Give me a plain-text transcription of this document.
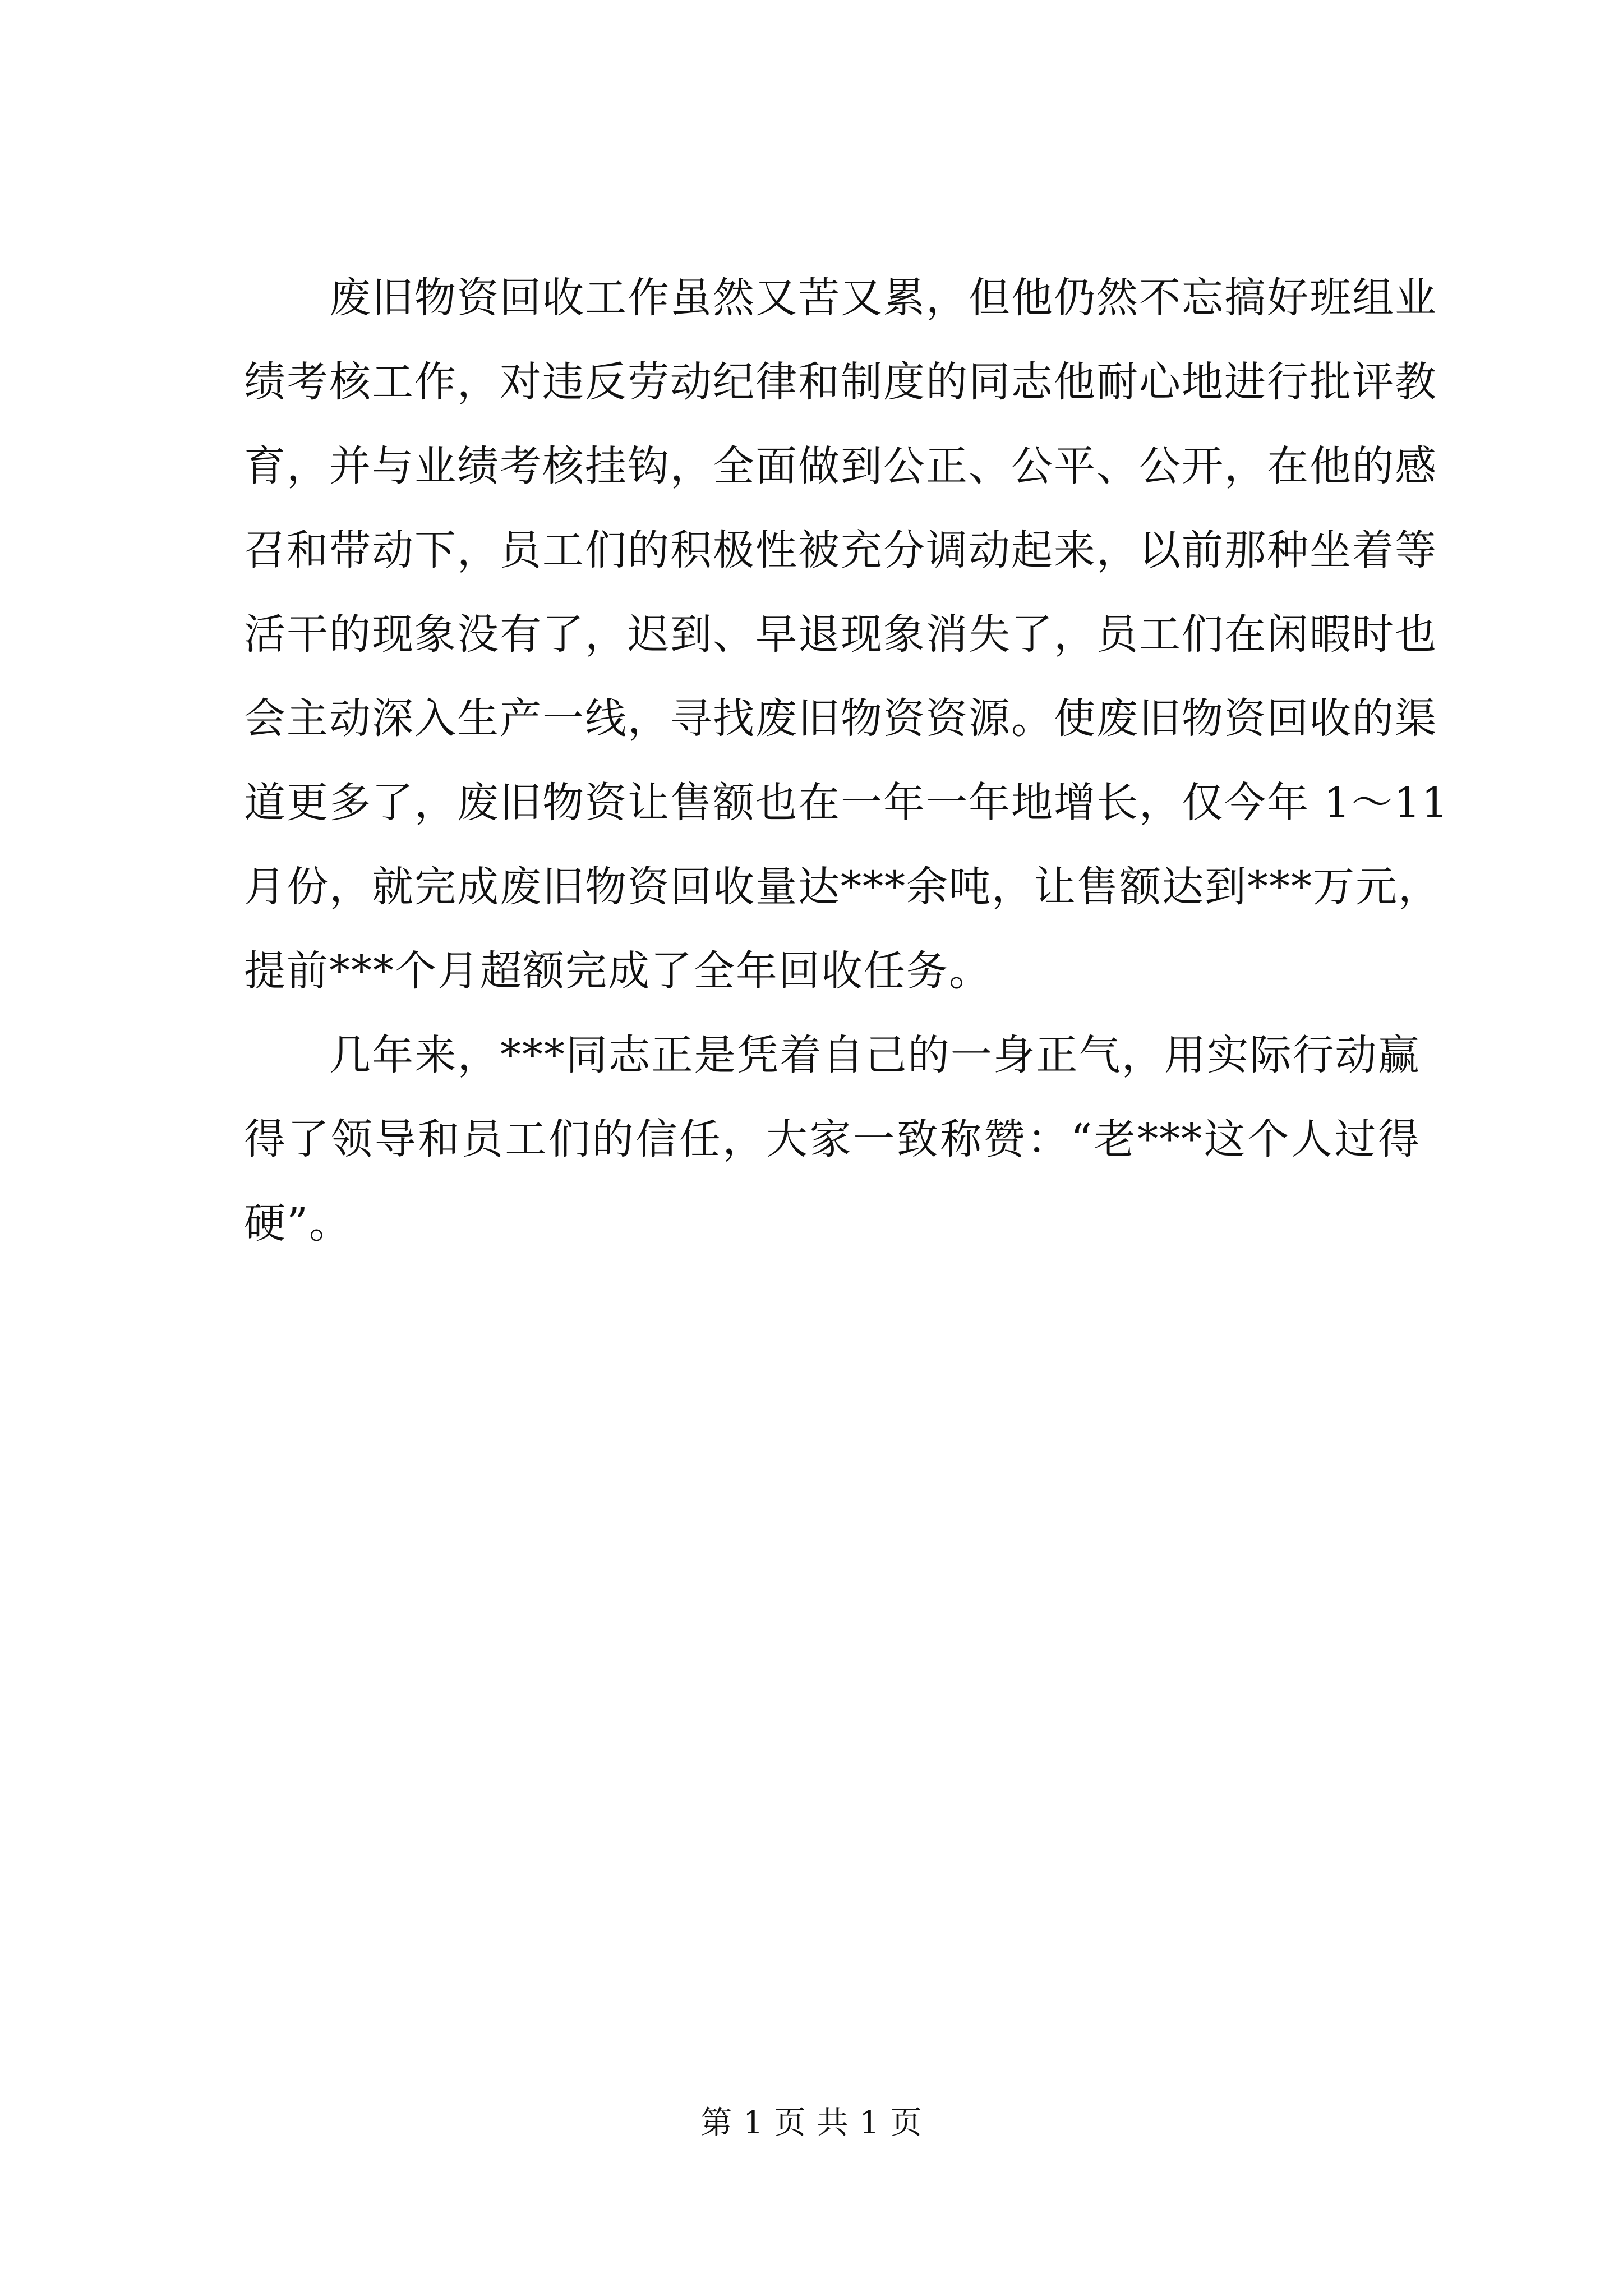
废旧物资回收工作虽然又苦又累，但他仍然不忘搞好班组业
绩考核工作，对违反劳动纪律和制度的同志他耐心地进行批评教
育，并与业绩考核挂钩，全面做到公正、公平、公开，在他的感
召和带动下，员工们的积极性被充分调动起来，以前那种坐着等
活干的现象没有了，迟到、早退现象消失了，员工们在闲暇时也
会主动深入生产一线，寻找废旧物资资源。使废旧物资回收的渠
道更多了，废旧物资让售额也在一年一年地增长，仅今年 1～11
月份，就完成废旧物资回收量达***余吨，让售额达到***万元，
提前***个月超额完成了全年回收任务。
几年来，***同志正是凭着自己的一身正气，用实际行动赢
得了领导和员工们的信任，大家一致称赞：“老***这个人过得
硬”。
第 1 页 共 1 页
